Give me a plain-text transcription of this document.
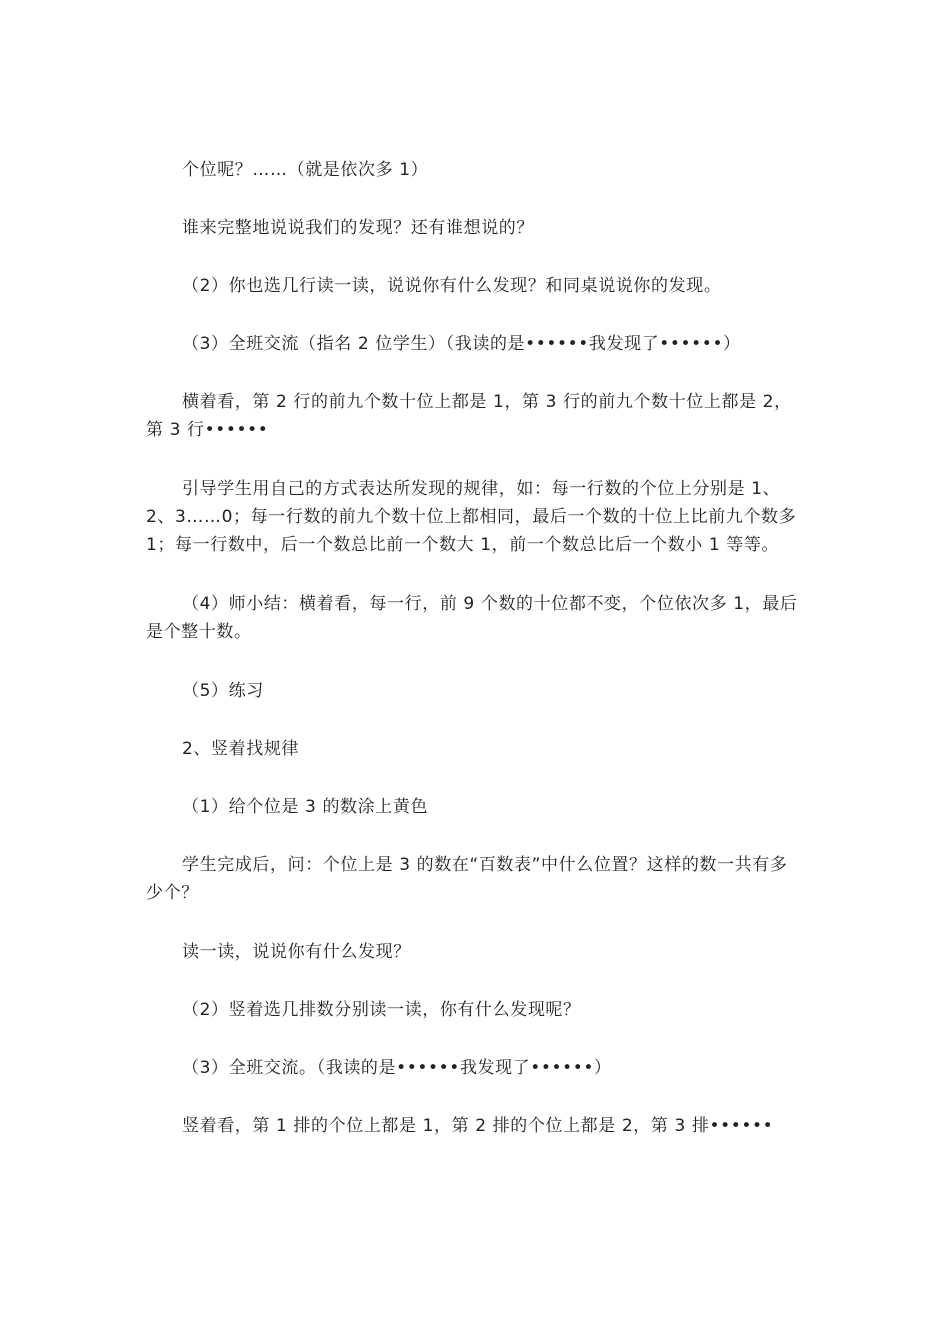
个位呢？……（就是依次多 1）

谁来完整地说说我们的发现？还有谁想说的？

（2）你也选几行读一读，说说你有什么发现？和同桌说说你的发现。

（3）全班交流（指名 2 位学生）（我读的是••••••我发现了••••••）

横着看，第 2 行的前九个数十位上都是 1，第 3 行的前九个数十位上都是 2，第 3 行••••••

引导学生用自己的方式表达所发现的规律，如：每一行数的个位上分别是 1、2、3……0；每一行数的前九个数十位上都相同，最后一个数的十位上比前九个数多 1；每一行数中，后一个数总比前一个数大 1，前一个数总比后一个数小 1 等等。

（4）师小结：横着看，每一行，前 9 个数的十位都不变，个位依次多 1，最后是个整十数。

（5）练习

2、竖着找规律

（1）给个位是 3 的数涂上黄色

学生完成后，问：个位上是 3 的数在“百数表”中什么位置？这样的数一共有多少个？

读一读，说说你有什么发现？

（2）竖着选几排数分别读一读，你有什么发现呢？

（3）全班交流。（我读的是••••••我发现了••••••）

竖着看，第 1 排的个位上都是 1，第 2 排的个位上都是 2，第 3 排••••••
